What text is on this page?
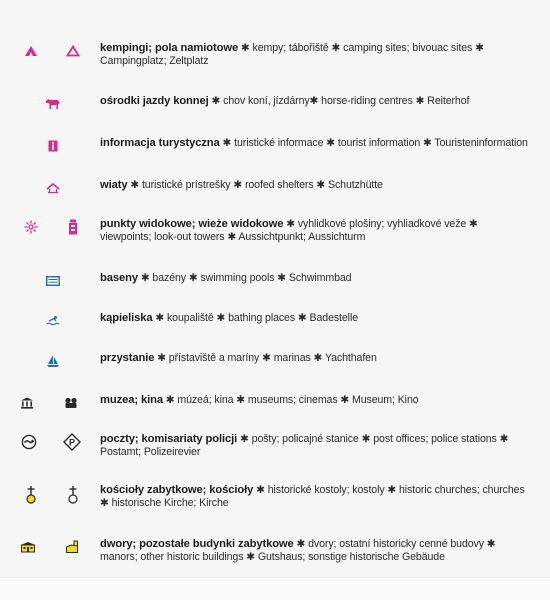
kempingi; pola namiotowe ✱ kempy; tábořiště ✱ camping sites; bivouac sites ✱ Campingplatz; Zeltplatz
ośrodki jazdy konnej ✱ chov koní, jízdárny✱ horse-riding centres ✱ Reiterhof
informacja turystyczna ✱ turistické informace ✱ tourist information ✱ Touristeninformation
wiaty ✱ turistické prístrešky ✱ roofed shelters ✱ Schutzhütte
punkty widokowe; wieże widokowe ✱ vyhlidkové plošiny; vyhliadkové veže ✱ viewpoints; look-out towers ✱ Aussichtpunkt; Aussichturm
baseny ✱ bazény ✱ swimming pools ✱ Schwimmbad
kąpieliska ✱ koupaliště ✱ bathing places ✱ Badestelle
przystanie ✱ přístaviště a maríny ✱ marinas ✱ Yachthafen
muzea; kina ✱ múzeá; kina ✱ museums; cinemas ✱ Museum; Kino
P poczty; komisariaty policji ✱ pošty; policajné stanice ✱ post offices; police stations ✱ Postamt; Polizeirevier
kościoły zabytkowe; kościoły ✱ historické kostoly; kostoly ✱ historic churches; churches ✱ historische Kirche; Kirche
dwory; pozostałe budynki zabytkowe ✱ dvory; ostatní historicky cenné budovy ✱ manors; other historic buildings ✱ Gutshaus; sonstige historische Gebäude
